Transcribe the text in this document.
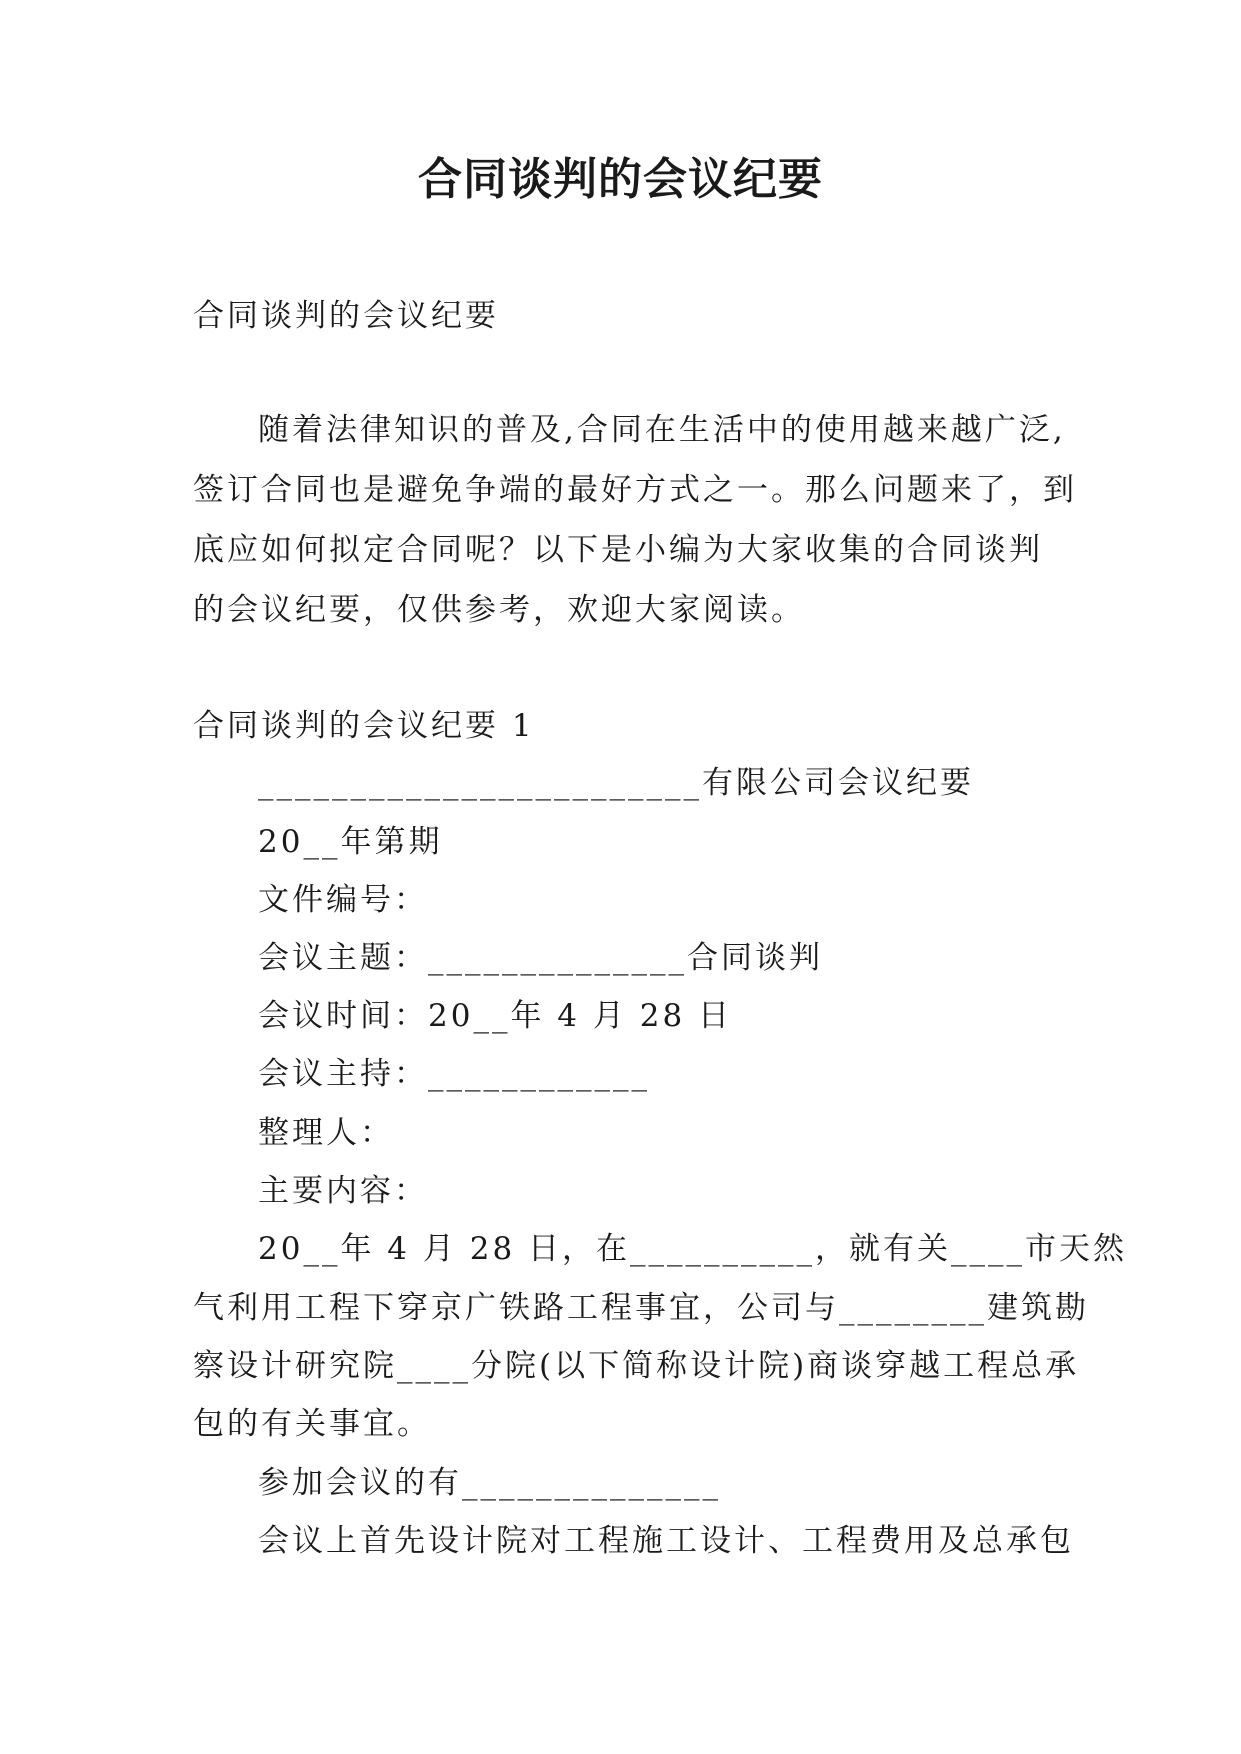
合同谈判的会议纪要
合同谈判的会议纪要
随着法律知识的普及,合同在生活中的使用越来越广泛,
签订合同也是避免争端的最好方式之一。那么问题来了，到
底应如何拟定合同呢？以下是小编为大家收集的合同谈判
的会议纪要，仅供参考，欢迎大家阅读。
合同谈判的会议纪要 1
________________________有限公司会议纪要
20__年第期
文件编号：
会议主题：______________合同谈判
会议时间：20__年 4 月 28 日
会议主持：____________
整理人：
主要内容：
20__年 4 月 28 日，在__________，就有关____市天然
气利用工程下穿京广铁路工程事宜，公司与________建筑勘
察设计研究院____分院(以下简称设计院)商谈穿越工程总承
包的有关事宜。
参加会议的有______________
会议上首先设计院对工程施工设计、工程费用及总承包
